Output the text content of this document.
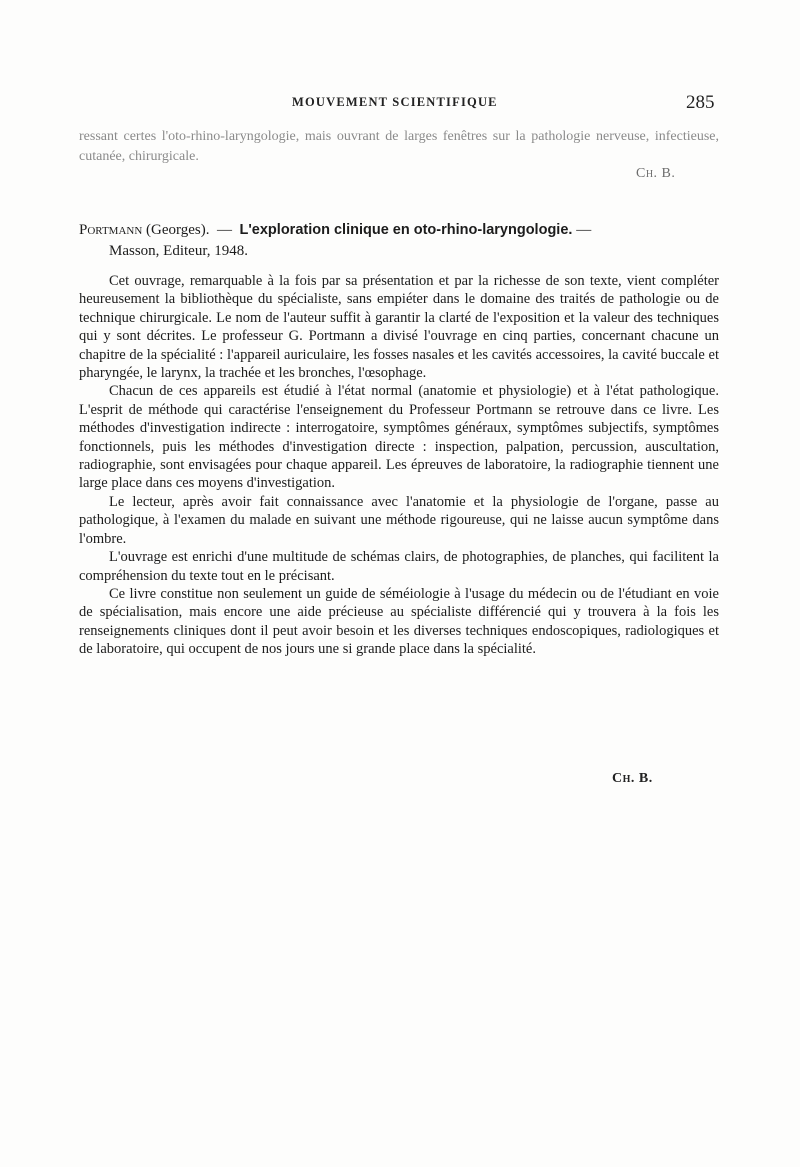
MOUVEMENT SCIENTIFIQUE	285

ressant certes l'oto-rhino-laryngologie, mais ouvrant de larges fenêtres sur la pathologie nerveuse, infectieuse, cutanée, chirurgicale.

Ch. B.
Portmann (Georges). — L'exploration clinique en oto-rhino-laryngologie. —
Masson, Editeur, 1948.

Cet ouvrage, remarquable à la fois par sa présentation et par la richesse de son texte, vient compléter heureusement la bibliothèque du spécialiste, sans empiéter dans le domaine des traités de pathologie ou de technique chirurgicale. Le nom de l'auteur suffit à garantir la clarté de l'exposition et la valeur des techniques qui y sont décrites. Le professeur G. Portmann a divisé l'ouvrage en cinq parties, concernant chacune un chapitre de la spécialité : l'appareil auriculaire, les fosses nasales et les cavités accessoires, la cavité buccale et pharyngée, le larynx, la trachée et les bronches, l'œsophage.

Chacun de ces appareils est étudié à l'état normal (anatomie et physiologie) et à l'état pathologique. L'esprit de méthode qui caractérise l'enseignement du Professeur Portmann se retrouve dans ce livre. Les méthodes d'investigation indirecte : interrogatoire, symptômes généraux, symptômes subjectifs, symptômes fonctionnels, puis les méthodes d'investigation directe : inspection, palpation, percussion, auscultation, radiographie, sont envisagées pour chaque appareil. Les épreuves de laboratoire, la radiographie tiennent une large place dans ces moyens d'investigation.

Le lecteur, après avoir fait connaissance avec l'anatomie et la physiologie de l'organe, passe au pathologique, à l'examen du malade en suivant une méthode rigoureuse, qui ne laisse aucun symptôme dans l'ombre.

L'ouvrage est enrichi d'une multitude de schémas clairs, de photographies, de planches, qui facilitent la compréhension du texte tout en le précisant.

Ce livre constitue non seulement un guide de séméiologie à l'usage du médecin ou de l'étudiant en voie de spécialisation, mais encore une aide précieuse au spécialiste différencié qui y trouvera à la fois les renseignements cliniques dont il peut avoir besoin et les diverses techniques endoscopiques, radiologiques et de laboratoire, qui occupent de nos jours une si grande place dans la spécialité.

Ch. B.
